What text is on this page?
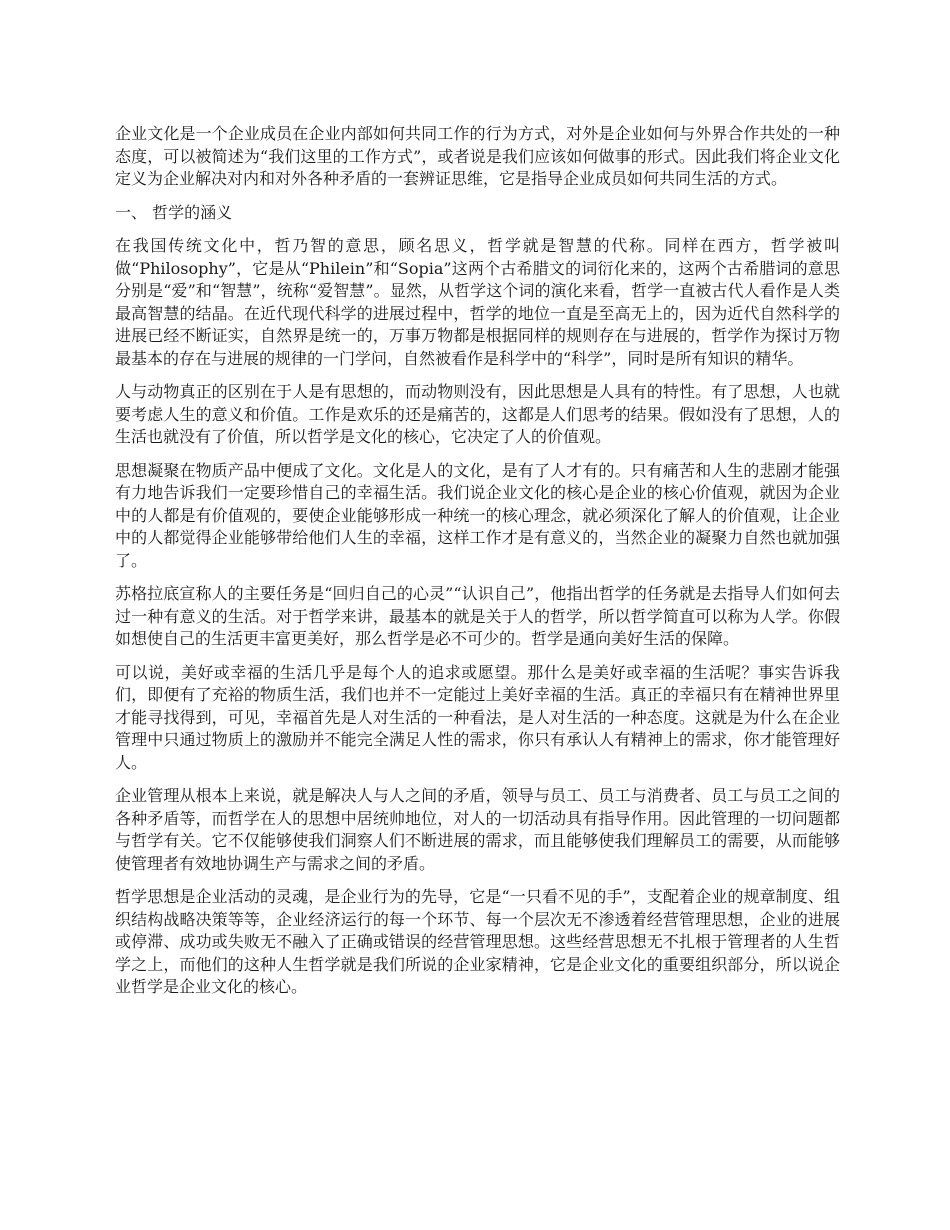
企业文化是一个企业成员在企业内部如何共同工作的行为方式，对外是企业如何与外界合作共处的一种态度，可以被简述为“我们这里的工作方式”，或者说是我们应该如何做事的形式。因此我们将企业文化定义为企业解决对内和对外各种矛盾的一套辨证思维，它是指导企业成员如何共同生活的方式。

一、 哲学的涵义

在我国传统文化中，哲乃智的意思，顾名思义，哲学就是智慧的代称。同样在西方，哲学被叫做“Philosophy”，它是从“Philein”和“Sopia”这两个古希腊文的词衍化来的，这两个古希腊词的意思分别是“爱”和“智慧”，统称“爱智慧”。显然，从哲学这个词的演化来看，哲学一直被古代人看作是人类最高智慧的结晶。在近代现代科学的进展过程中，哲学的地位一直是至高无上的，因为近代自然科学的进展已经不断证实，自然界是统一的，万事万物都是根据同样的规则存在与进展的，哲学作为探讨万物最基本的存在与进展的规律的一门学问，自然被看作是科学中的“科学”，同时是所有知识的精华。

人与动物真正的区别在于人是有思想的，而动物则没有，因此思想是人具有的特性。有了思想，人也就要考虑人生的意义和价值。工作是欢乐的还是痛苦的，这都是人们思考的结果。假如没有了思想，人的生活也就没有了价值，所以哲学是文化的核心，它决定了人的价值观。

思想凝聚在物质产品中便成了文化。文化是人的文化，是有了人才有的。只有痛苦和人生的悲剧才能强有力地告诉我们一定要珍惜自己的幸福生活。我们说企业文化的核心是企业的核心价值观，就因为企业中的人都是有价值观的，要使企业能够形成一种统一的核心理念，就必须深化了解人的价值观，让企业中的人都觉得企业能够带给他们人生的幸福，这样工作才是有意义的，当然企业的凝聚力自然也就加强了。

苏格拉底宣称人的主要任务是“回归自己的心灵”“认识自己”，他指出哲学的任务就是去指导人们如何去过一种有意义的生活。对于哲学来讲，最基本的就是关于人的哲学，所以哲学简直可以称为人学。你假如想使自己的生活更丰富更美好，那么哲学是必不可少的。哲学是通向美好生活的保障。

可以说，美好或幸福的生活几乎是每个人的追求或愿望。那什么是美好或幸福的生活呢？事实告诉我们，即便有了充裕的物质生活，我们也并不一定能过上美好幸福的生活。真正的幸福只有在精神世界里才能寻找得到，可见，幸福首先是人对生活的一种看法，是人对生活的一种态度。这就是为什么在企业管理中只通过物质上的激励并不能完全满足人性的需求，你只有承认人有精神上的需求，你才能管理好人。

企业管理从根本上来说，就是解决人与人之间的矛盾，领导与员工、员工与消费者、员工与员工之间的各种矛盾等，而哲学在人的思想中居统帅地位，对人的一切活动具有指导作用。因此管理的一切问题都与哲学有关。它不仅能够使我们洞察人们不断进展的需求，而且能够使我们理解员工的需要，从而能够使管理者有效地协调生产与需求之间的矛盾。

哲学思想是企业活动的灵魂，是企业行为的先导，它是“一只看不见的手”，支配着企业的规章制度、组织结构战略决策等等，企业经济运行的每一个环节、每一个层次无不渗透着经营管理思想，企业的进展或停滞、成功或失败无不融入了正确或错误的经营管理思想。这些经营思想无不扎根于管理者的人生哲学之上，而他们的这种人生哲学就是我们所说的企业家精神，它是企业文化的重要组织部分，所以说企业哲学是企业文化的核心。
